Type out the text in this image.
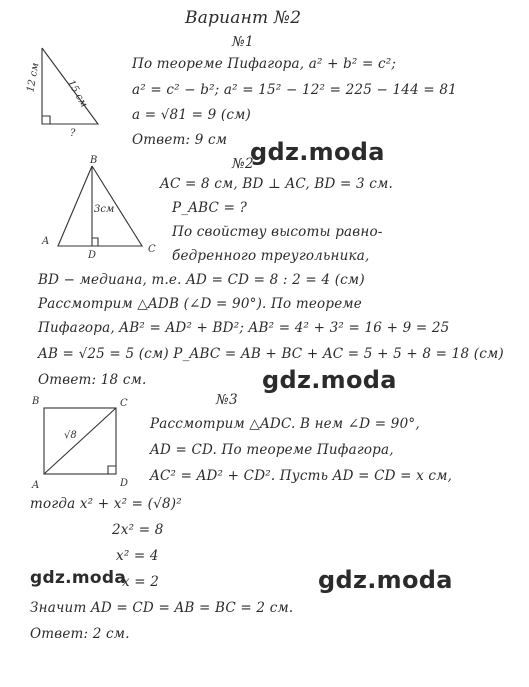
Вариант №2
№1
12 см
15 см
?
По теореме Пифагора, a² + b² = c²;
a² = c² − b²; a² = 15² − 12² = 225 − 144 = 81
a = √81 = 9 (см)
Ответ: 9 см gdz.moda
№2
B
A
C
D
3см
AC = 8 см, BD ⊥ AC, BD = 3 см.
P_ABC = ?
По свойству высоты равно-
бедренного треугольника,
BD − медиана, т.е. AD = CD = 8 : 2 = 4 (см)
Рассмотрим △ADB (∠D = 90°). По теореме
Пифагора, AB² = AD² + BD²; AB² = 4² + 3² = 16 + 9 = 25
AB = √25 = 5 (см) P_ABC = AB + BC + AC = 5 + 5 + 8 = 18 (см)
Ответ: 18 см.	gdz.moda
№3
B	C
A	D
√8
Рассмотрим △ADC. В нем ∠D = 90°,
AD = CD. По теореме Пифагора,
AC² = AD² + CD². Пусть AD = CD = x см,
тогда x² + x² = (√8)²
2x² = 8
x² = 4
x = 2
Значит AD = CD = AB = BC = 2 см.
Ответ: 2 см.
gdz.moda	gdz.moda
